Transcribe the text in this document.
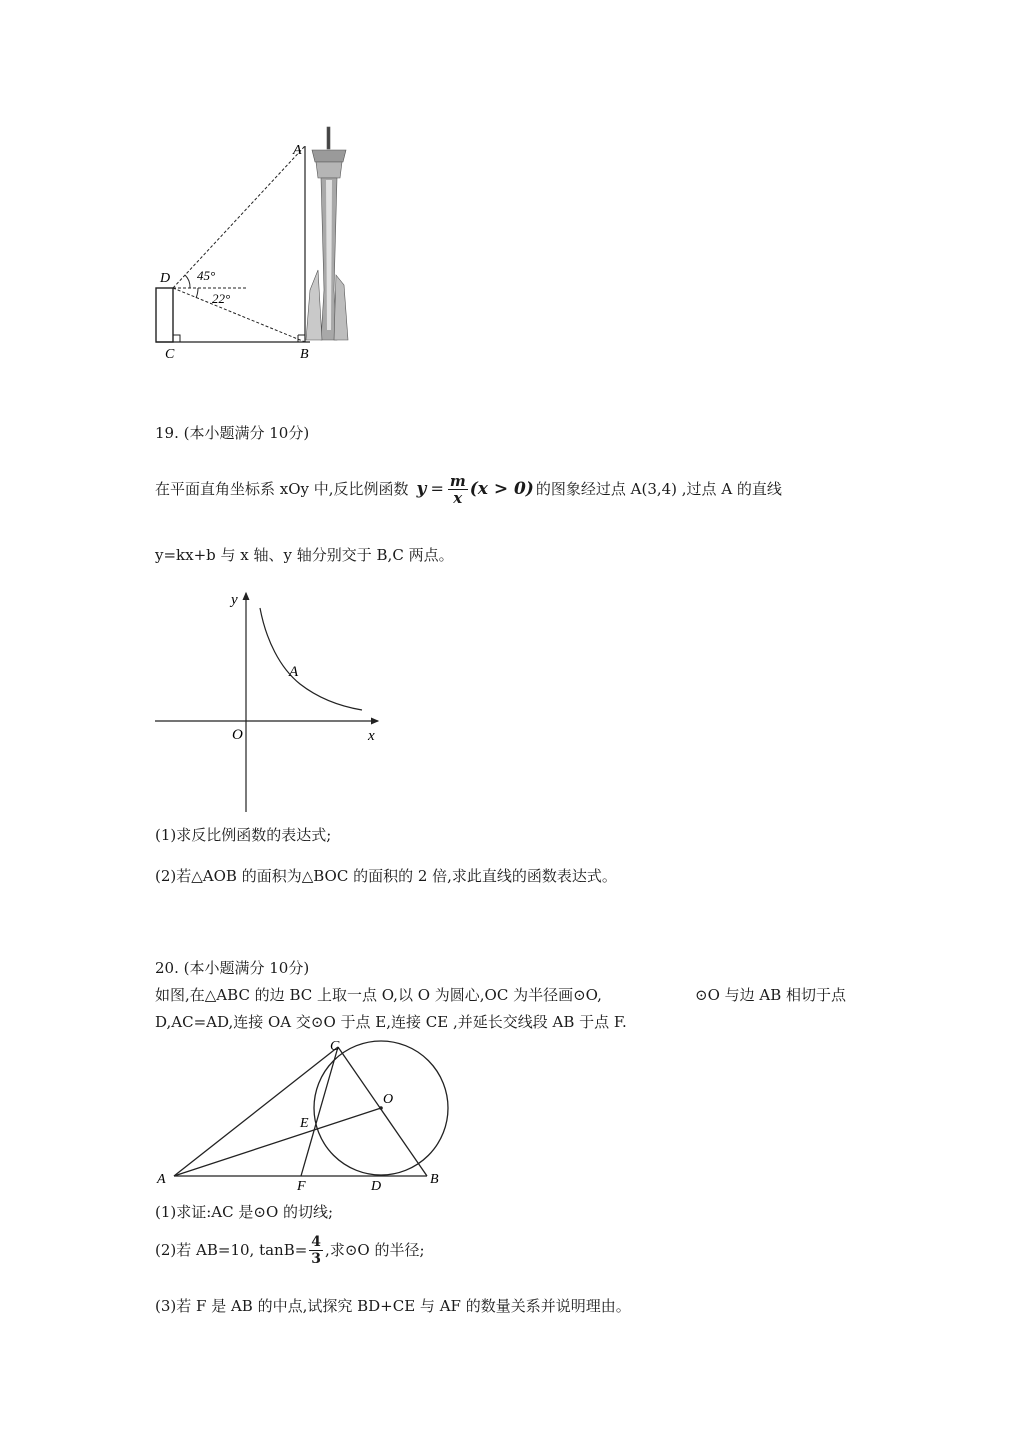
A
D
C	B
45°
22°
19. (本小题满分 10分)
在平面直角坐标系 xOy 中,反比例函数 $y = \frac{m}{x} (x > 0)$ 的图象经过点 A(3,4) ,过点 A 的直线
y=kx+b 与 x 轴、y 轴分别交于 B,C 两点。
y
x
O
A
(1)求反比例函数的表达式;
(2)若△AOB 的面积为△BOC 的面积的 2 倍,求此直线的函数表达式。
20. (本小题满分 10分)
如图,在△ABC 的边 BC 上取一点 O,以 O 为圆心,OC 为半径画⊙O,	⊙O 与边 AB 相切于点
D,AC=AD,连接 OA 交⊙O 于点 E,连接 CE ,并延长交线段 AB 于点 F.
A	B
C
D
E
F
O
(1)求证:AC 是⊙O 的切线;
(2)若 AB=10, $\tan B= \frac{4}{3}$ ,求⊙O 的半径;
(3)若 F 是 AB 的中点,试探究 BD+CE 与 AF 的数量关系并说明理由。
